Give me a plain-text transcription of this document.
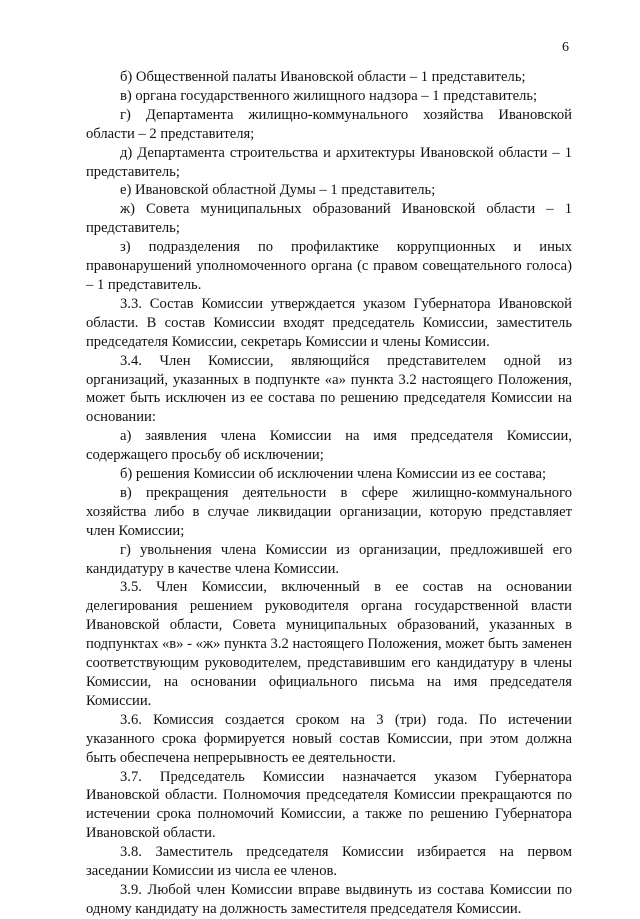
6

б) Общественной палаты Ивановской области – 1 представитель;

в) органа государственного жилищного надзора – 1 представитель;

г) Департамента жилищно-коммунального хозяйства Ивановской области – 2 представителя;

д) Департамента строительства и архитектуры Ивановской области – 1 представитель;

е) Ивановской областной Думы – 1 представитель;

ж) Совета муниципальных образований Ивановской области – 1 представитель;

з) подразделения по профилактике коррупционных и иных правонарушений уполномоченного органа (с правом совещательного голоса) – 1 представитель.

3.3. Состав Комиссии утверждается указом Губернатора Ивановской области. В состав Комиссии входят председатель Комиссии, заместитель председателя Комиссии, секретарь Комиссии и члены Комиссии.

3.4. Член Комиссии, являющийся представителем одной из организаций, указанных в подпункте «а» пункта 3.2 настоящего Положения, может быть исключен из ее состава по решению председателя Комиссии на основании:

а) заявления члена Комиссии на имя председателя Комиссии, содержащего просьбу об исключении;

б) решения Комиссии об исключении члена Комиссии из ее состава;

в) прекращения деятельности в сфере жилищно-коммунального хозяйства либо в случае ликвидации организации, которую представляет член Комиссии;

г) увольнения члена Комиссии из организации, предложившей его кандидатуру в качестве члена Комиссии.

3.5. Член Комиссии, включенный в ее состав на основании делегирования решением руководителя органа государственной власти Ивановской области, Совета муниципальных образований, указанных в подпунктах «в» - «ж» пункта 3.2 настоящего Положения, может быть заменен соответствующим руководителем, представившим его кандидатуру в члены Комиссии, на основании официального письма на имя председателя Комиссии.

3.6. Комиссия создается сроком на 3 (три) года. По истечении указанного срока формируется новый состав Комиссии, при этом должна быть обеспечена непрерывность ее деятельности.

3.7. Председатель Комиссии назначается указом Губернатора Ивановской области. Полномочия председателя Комиссии прекращаются по истечении срока полномочий Комиссии, а также по решению Губернатора Ивановской области.

3.8. Заместитель председателя Комиссии избирается на первом заседании Комиссии из числа ее членов.

3.9. Любой член Комиссии вправе выдвинуть из состава Комиссии по одному кандидату на должность заместителя председателя Комиссии.
